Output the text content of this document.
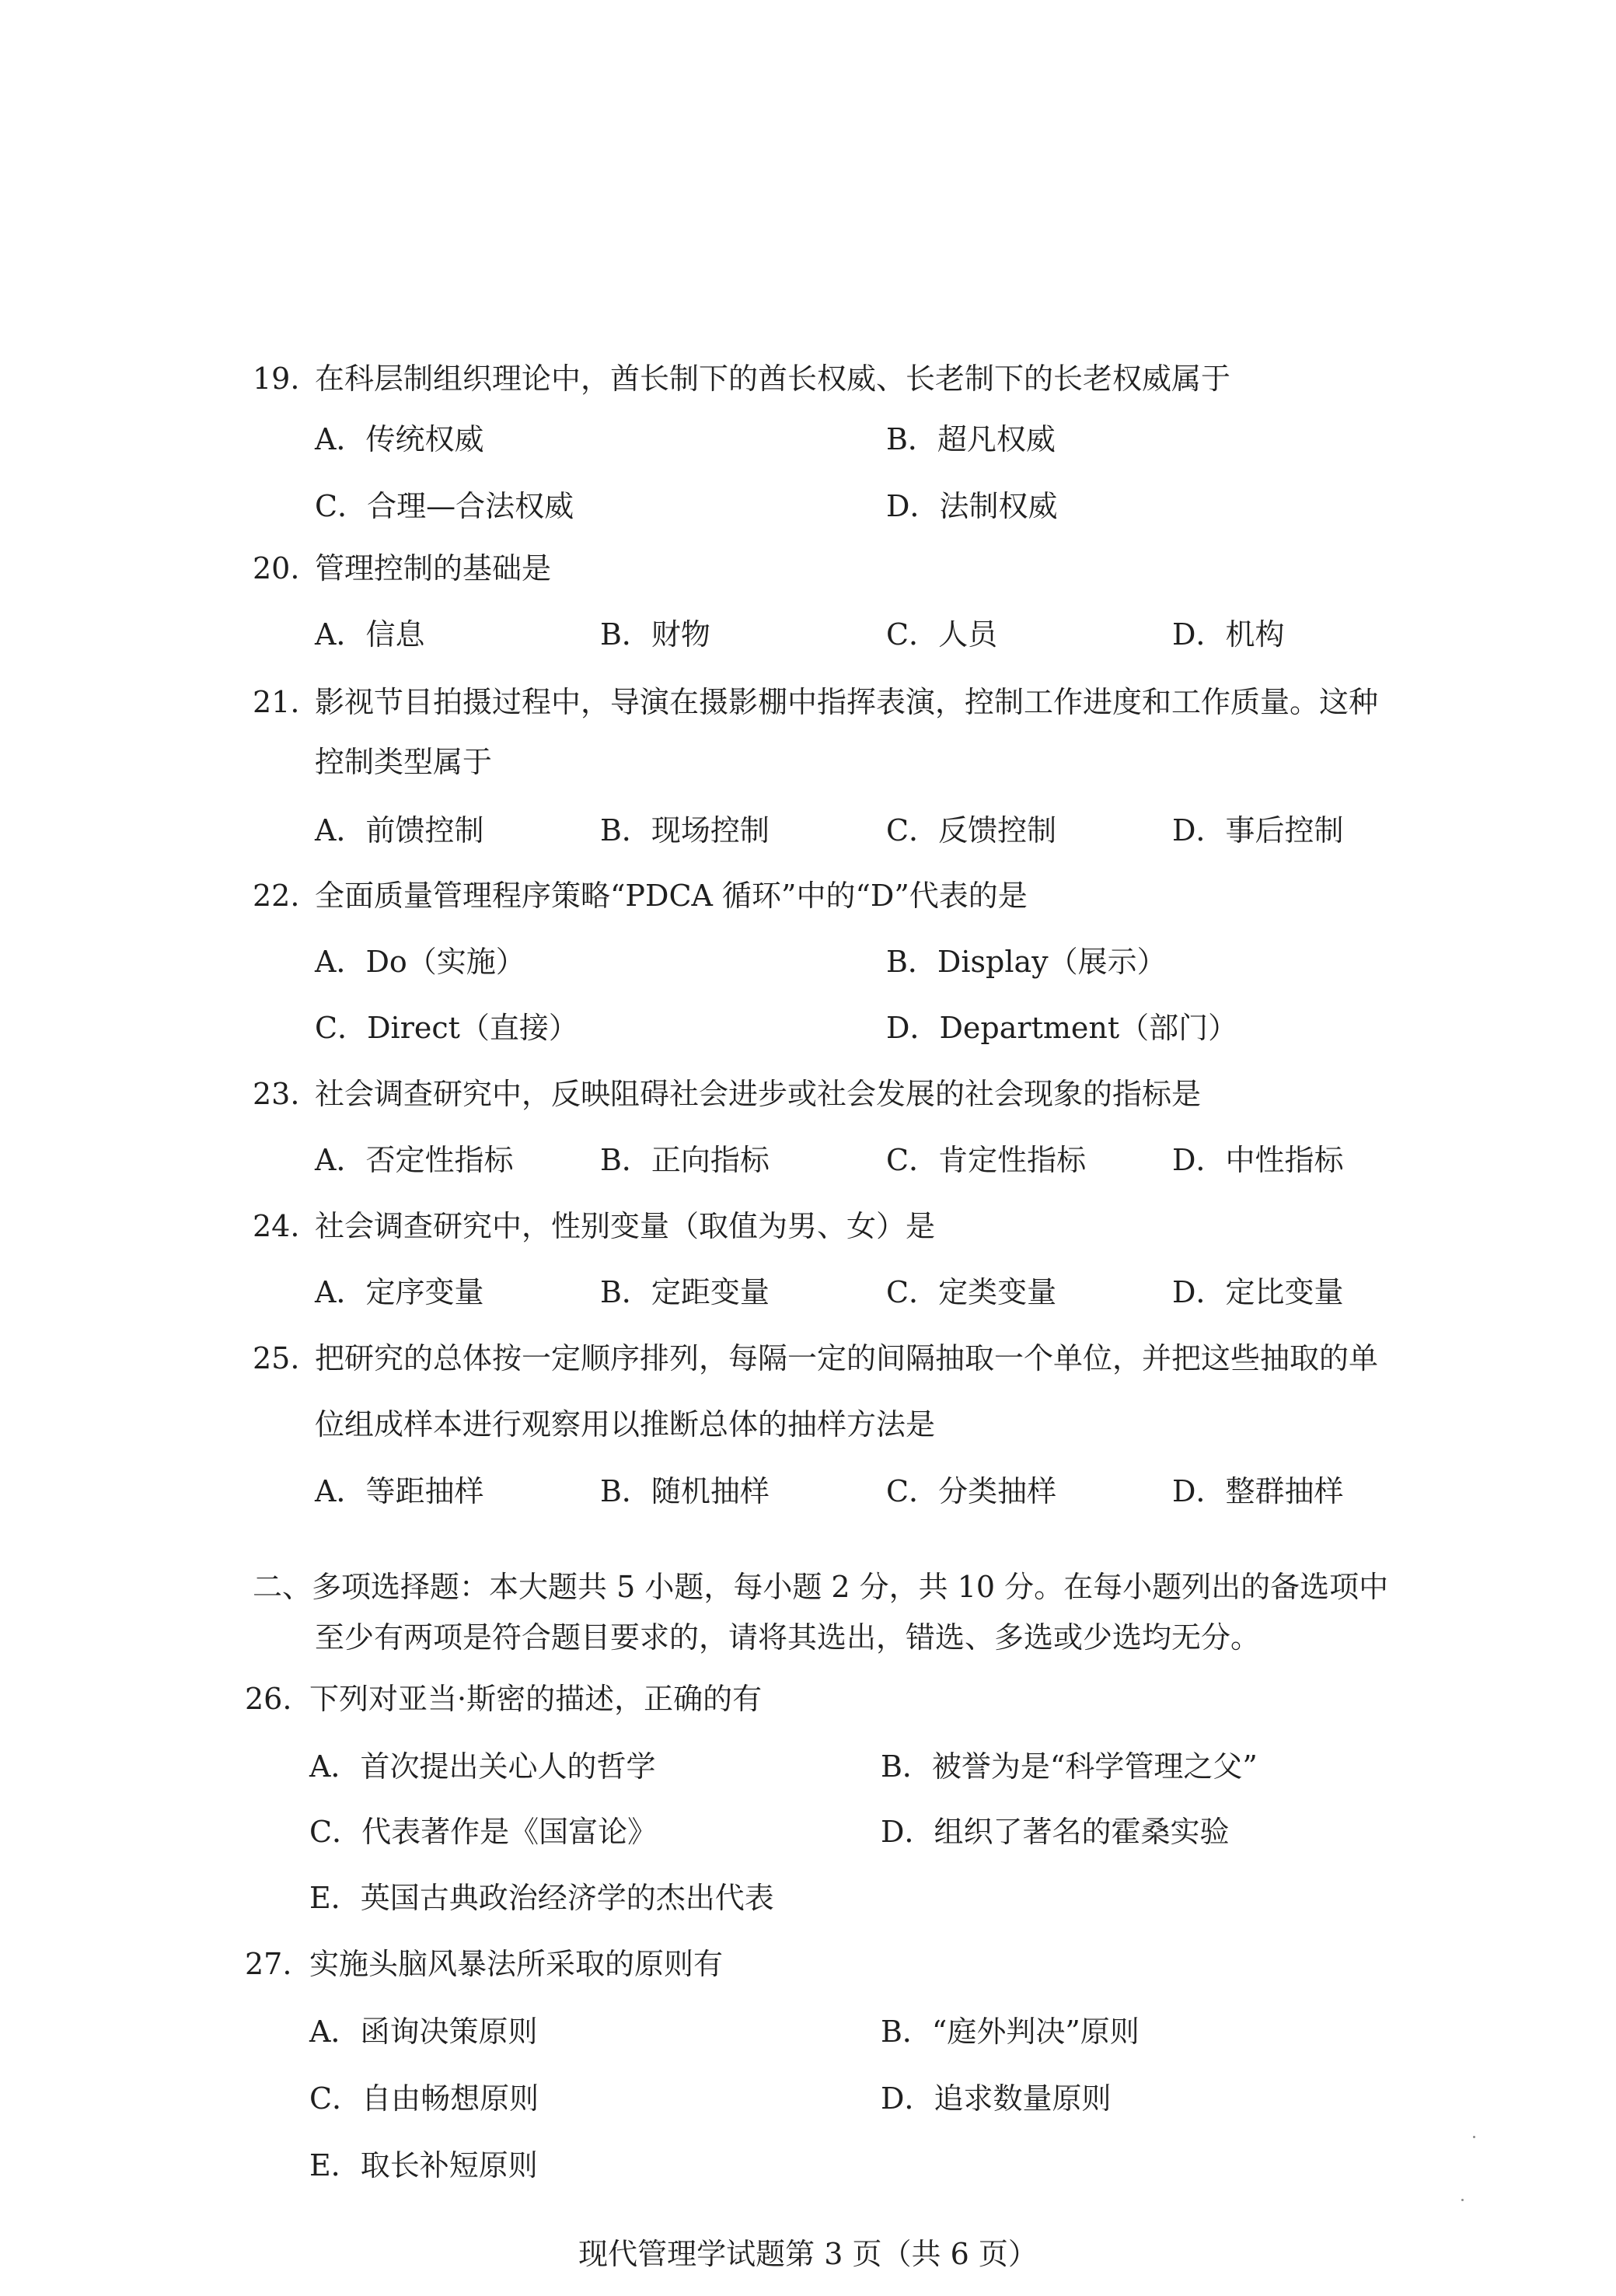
19. 在科层制组织理论中，酋长制下的酋长权威、长老制下的长老权威属于
A．传统权威	B．超凡权威
C．合理—合法权威	D．法制权威
20. 管理控制的基础是
A．信息	B．财物	C．人员	D．机构
21. 影视节目拍摄过程中，导演在摄影棚中指挥表演，控制工作进度和工作质量。这种
控制类型属于
A．前馈控制	B．现场控制	C．反馈控制	D．事后控制
22. 全面质量管理程序策略“PDCA 循环”中的“D”代表的是
A．Do（实施）	B．Display（展示）
C．Direct（直接）	D．Department（部门）
23. 社会调查研究中，反映阻碍社会进步或社会发展的社会现象的指标是
A．否定性指标	B．正向指标	C．肯定性指标	D．中性指标
24. 社会调查研究中，性别变量（取值为男、女）是
A．定序变量	B．定距变量	C．定类变量	D．定比变量
25. 把研究的总体按一定顺序排列，每隔一定的间隔抽取一个单位，并把这些抽取的单
位组成样本进行观察用以推断总体的抽样方法是
A．等距抽样	B．随机抽样	C．分类抽样	D．整群抽样
二、多项选择题：本大题共 5 小题，每小题 2 分，共 10 分。在每小题列出的备选项中
至少有两项是符合题目要求的，请将其选出，错选、多选或少选均无分。
26. 下列对亚当·斯密的描述，正确的有
A．首次提出关心人的哲学	B．被誉为是“科学管理之父”
C．代表著作是《国富论》	D．组织了著名的霍桑实验
E．英国古典政治经济学的杰出代表
27. 实施头脑风暴法所采取的原则有
A．函询决策原则	B．“庭外判决”原则
C．自由畅想原则	D．追求数量原则
E．取长补短原则
现代管理学试题第 3 页（共 6 页）
